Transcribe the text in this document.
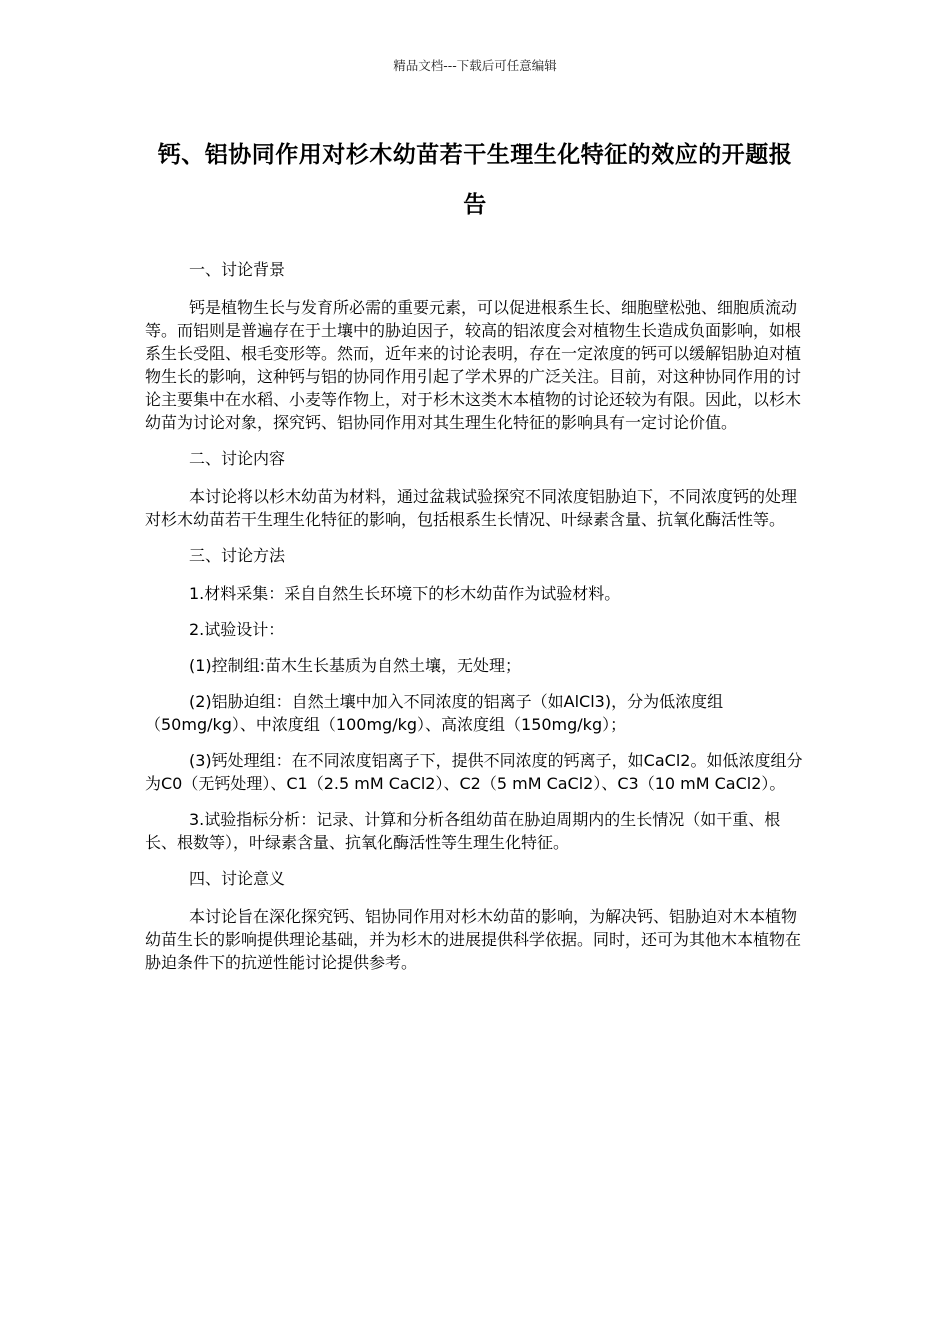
精品文档---下载后可任意编辑
钙、铝协同作用对杉木幼苗若干生理生化特征的效应的开题报告

一、讨论背景

钙是植物生长与发育所必需的重要元素，可以促进根系生长、细胞壁松弛、细胞质流动等。而铝则是普遍存在于土壤中的胁迫因子，较高的铝浓度会对植物生长造成负面影响，如根系生长受阻、根毛变形等。然而，近年来的讨论表明，存在一定浓度的钙可以缓解铝胁迫对植物生长的影响，这种钙与铝的协同作用引起了学术界的广泛关注。目前，对这种协同作用的讨论主要集中在水稻、小麦等作物上，对于杉木这类木本植物的讨论还较为有限。因此，以杉木幼苗为讨论对象，探究钙、铝协同作用对其生理生化特征的影响具有一定讨论价值。

二、讨论内容

本讨论将以杉木幼苗为材料，通过盆栽试验探究不同浓度铝胁迫下，不同浓度钙的处理对杉木幼苗若干生理生化特征的影响，包括根系生长情况、叶绿素含量、抗氧化酶活性等。

三、讨论方法

1.材料采集：采自自然生长环境下的杉木幼苗作为试验材料。

2.试验设计：

(1)控制组:苗木生长基质为自然土壤，无处理；

(2)铝胁迫组：自然土壤中加入不同浓度的铝离子（如AlCl3)，分为低浓度组（50mg/kg）、中浓度组（100mg/kg）、高浓度组（150mg/kg）；

(3)钙处理组：在不同浓度铝离子下，提供不同浓度的钙离子，如CaCl2。如低浓度组分为C0（无钙处理）、C1（2.5 mM CaCl2）、C2（5 mM CaCl2）、C3（10 mM CaCl2）。

3.试验指标分析：记录、计算和分析各组幼苗在胁迫周期内的生长情况（如干重、根长、根数等），叶绿素含量、抗氧化酶活性等生理生化特征。

四、讨论意义

本讨论旨在深化探究钙、铝协同作用对杉木幼苗的影响，为解决钙、铝胁迫对木本植物幼苗生长的影响提供理论基础，并为杉木的进展提供科学依据。同时，还可为其他木本植物在胁迫条件下的抗逆性能讨论提供参考。
